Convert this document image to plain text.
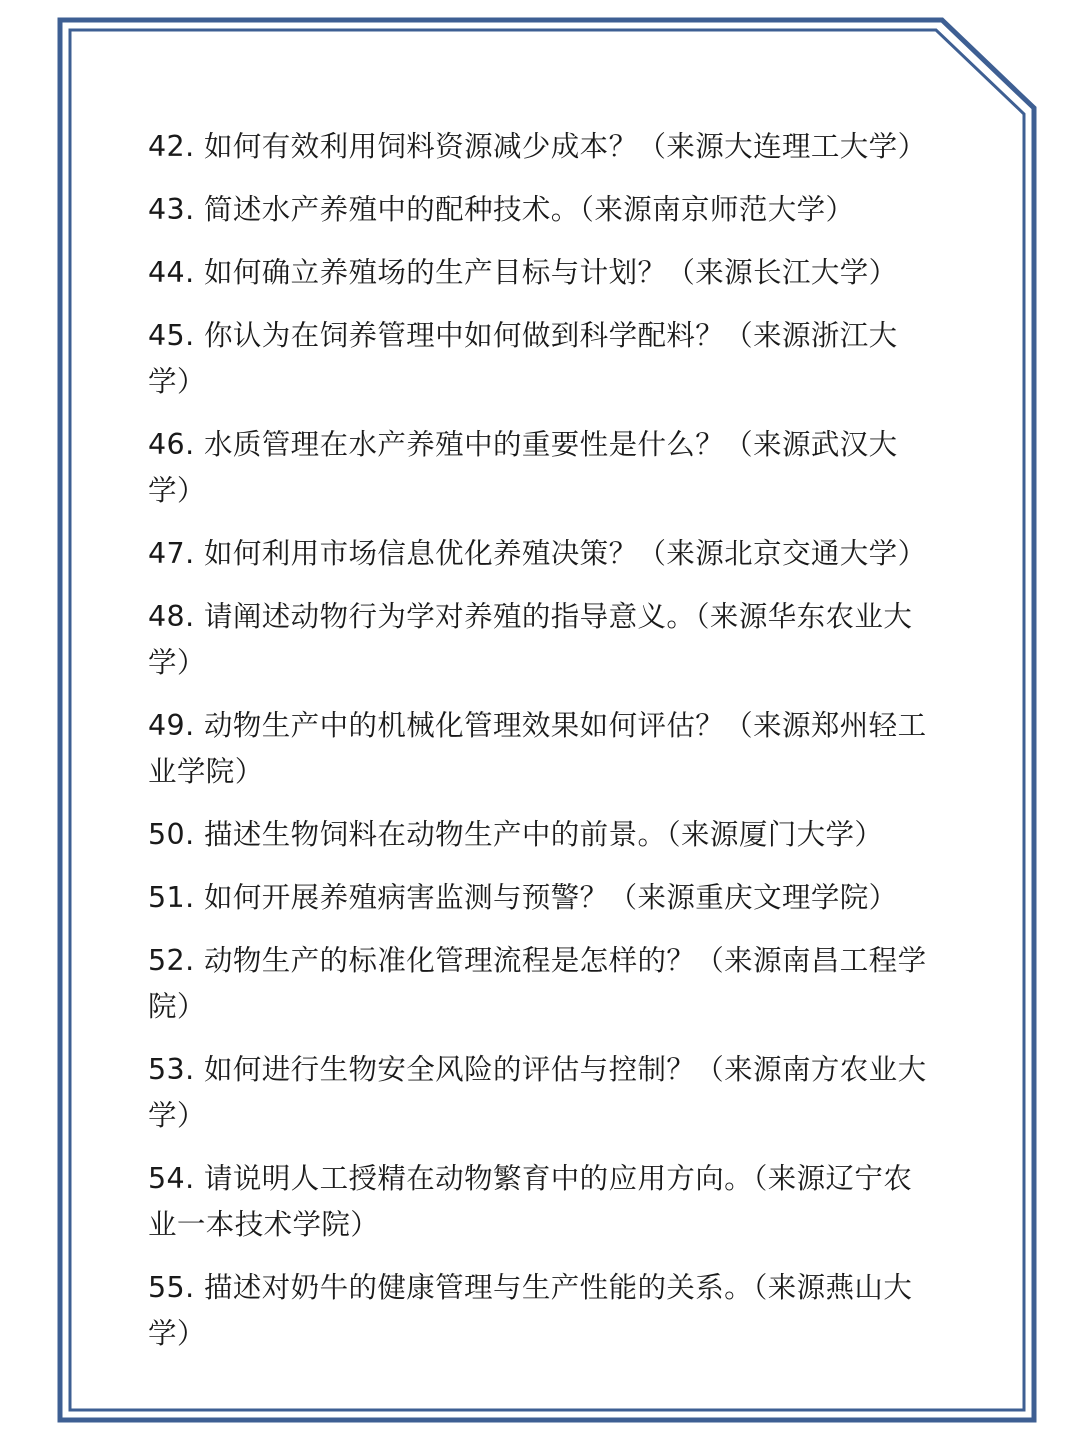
42. 如何有效利用饲料资源减少成本？（来源大连理工大学）

43. 简述水产养殖中的配种技术。（来源南京师范大学）

44. 如何确立养殖场的生产目标与计划？（来源长江大学）

45. 你认为在饲养管理中如何做到科学配料？（来源浙江大学）

46. 水质管理在水产养殖中的重要性是什么？（来源武汉大学）

47. 如何利用市场信息优化养殖决策？（来源北京交通大学）

48. 请阐述动物行为学对养殖的指导意义。（来源华东农业大学）

49. 动物生产中的机械化管理效果如何评估？（来源郑州轻工业学院）

50. 描述生物饲料在动物生产中的前景。（来源厦门大学）

51. 如何开展养殖病害监测与预警？（来源重庆文理学院）

52. 动物生产的标准化管理流程是怎样的？（来源南昌工程学院）

53. 如何进行生物安全风险的评估与控制？（来源南方农业大学）

54. 请说明人工授精在动物繁育中的应用方向。（来源辽宁农业一本技术学院）

55. 描述对奶牛的健康管理与生产性能的关系。（来源燕山大学）
